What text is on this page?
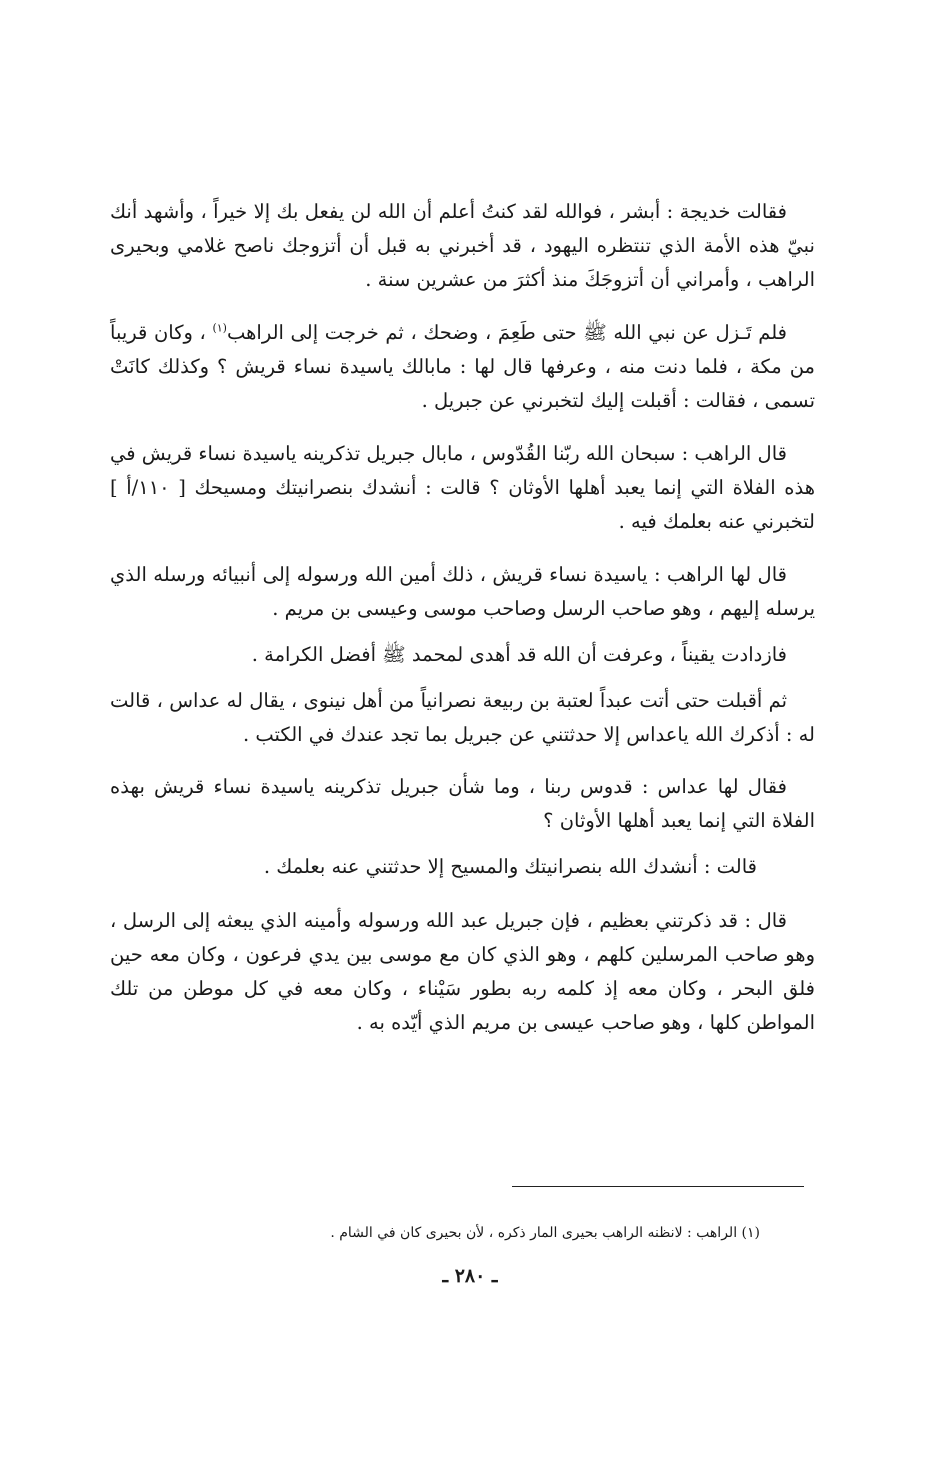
فقالت خديجة : أبشر ، فوالله لقد كنتُ أعلم أن الله لن يفعل بك إلا خيراً ، وأشهد أنك نبيّ هذه الأمة الذي تنتظره اليهود ، قد أخبرني به قبل أن أتزوجك ناصح غلامي وبحيرى الراهب ، وأمراني أن أتزوجَكَ منذ أكثرَ من عشرين سنة .

فلم تَـزل عن نبي الله ﷺ حتى طَعِمَ ، وضحك ، ثم خرجت إلى الراهب$^{(١)}$ ، وكان قريباً من مكة ، فلما دنت منه ، وعرفها قال لها : مابالك ياسيدة نساء قريش ؟ وكذلك كانَتْ تسمى ، فقالت : أقبلت إليك لتخبرني عن جبريل .

قال الراهب : سبحان الله ربّنا القُدّوس ، مابال جبريل تذكرينه ياسيدة نساء قريش في هذه الفلاة التي إنما يعبد أهلها الأوثان ؟ قالت : أنشدك بنصرانيتك ومسيحك [ ١١٠/أ ] لتخبرني عنه بعلمك فيه .

قال لها الراهب : ياسيدة نساء قريش ، ذلك أمين الله ورسوله إلى أنبيائه ورسله الذي يرسله إليهم ، وهو صاحب الرسل وصاحب موسى وعيسى بن مريم .

فازدادت يقيناً ، وعرفت أن الله قد أهدى لمحمد ﷺ أفضل الكرامة .

ثم أقبلت حتى أتت عبداً لعتبة بن ربيعة نصرانياً من أهل نينوى ، يقال له عداس ، قالت له : أذكرك الله ياعداس إلا حدثتني عن جبريل بما تجد عندك في الكتب .

فقال لها عداس : قدوس ربنا ، وما شأن جبريل تذكرينه ياسيدة نساء قريش بهذه الفلاة التي إنما يعبد أهلها الأوثان ؟

قالت : أنشدك الله بنصرانيتك والمسيح إلا حدثتني عنه بعلمك .

قال : قد ذكرتني بعظيم ، فإن جبريل عبد الله ورسوله وأمينه الذي يبعثه إلى الرسل ، وهو صاحب المرسلين كلهم ، وهو الذي كان مع موسى بين يدي فرعون ، وكان معه حين فلق البحر ، وكان معه إذ كلمه ربه بطور سَيْناء ، وكان معه في كل موطن من تلك المواطن كلها ، وهو صاحب عيسى بن مريم الذي أيّده به .

(١) الراهب : لانظنه الراهب بحيرى المار ذكره ، لأن بحيرى كان في الشام .
ـ ٢٨٠ ـ
